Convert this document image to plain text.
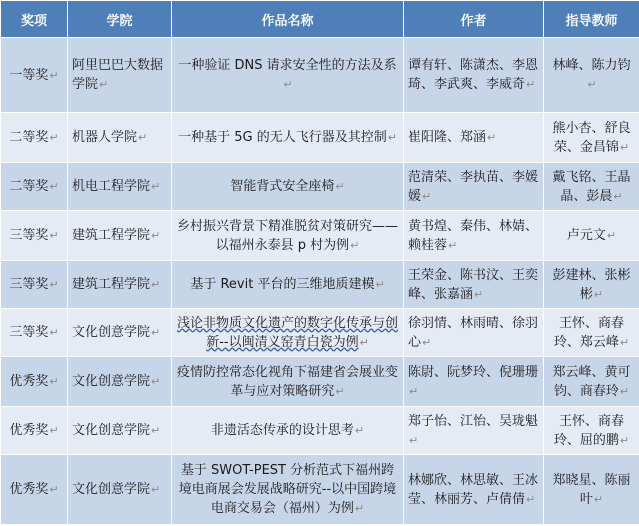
奖项	学院	作品名称	作者	指导教师
一等奖↵	阿里巴巴大数据学院↵	一种验证 DNS 请求安全性的方法及系↵	谭有轩、陈潇杰、李恩琦、李武爽、李威奇↵	林峰、陈力钧↵
二等奖↵	机器人学院↵	一种基于 5G 的无人飞行器及其控制↵	崔阳隆、郑涵↵	熊小杏、舒良荣、金昌锦↵
二等奖↵	机电工程学院↵	智能背式安全座椅↵	范清荣、李执苗、李媛媛↵	戴飞铭、王晶晶、彭晨↵
三等奖↵	建筑工程学院↵	乡村振兴背景下精准脱贫对策研究——以福州永泰县 p 村为例↵	黄书煌、秦伟、林婧、赖桂蓉↵	卢元文↵
三等奖↵	建筑工程学院↵	基于 Revit 平台的三维地质建模↵	王荣金、陈书汶、王奕峰、张嘉涵↵	彭建林、张彬彬↵
三等奖↵	文化创意学院↵	浅论非物质文化遗产的数字化传承与创新--以闽清义窑青白瓷为例↵	徐羽情、林雨晴、徐羽心↵	王怀、商春玲、郑云峰↵
优秀奖↵	文化创意学院↵	疫情防控常态化视角下福建省会展业变革与应对策略研究↵	陈尉、阮梦玲、倪珊珊↵	郑云峰、黄可钧、商春玲↵
优秀奖↵	文化创意学院↵	非遗活态传承的设计思考↵	郑子怡、江怡、吴珑魁↵	王怀、商春玲、屈的鹏↵
优秀奖↵	文化创意学院↵	基于 SWOT-PEST 分析范式下福州跨境电商展会发展战略研究--以中国跨境电商交易会（福州）为例↵	林娜欣、林思敏、王冰莹、林丽芳、卢倩倩↵	郑晓星、陈丽叶↵
